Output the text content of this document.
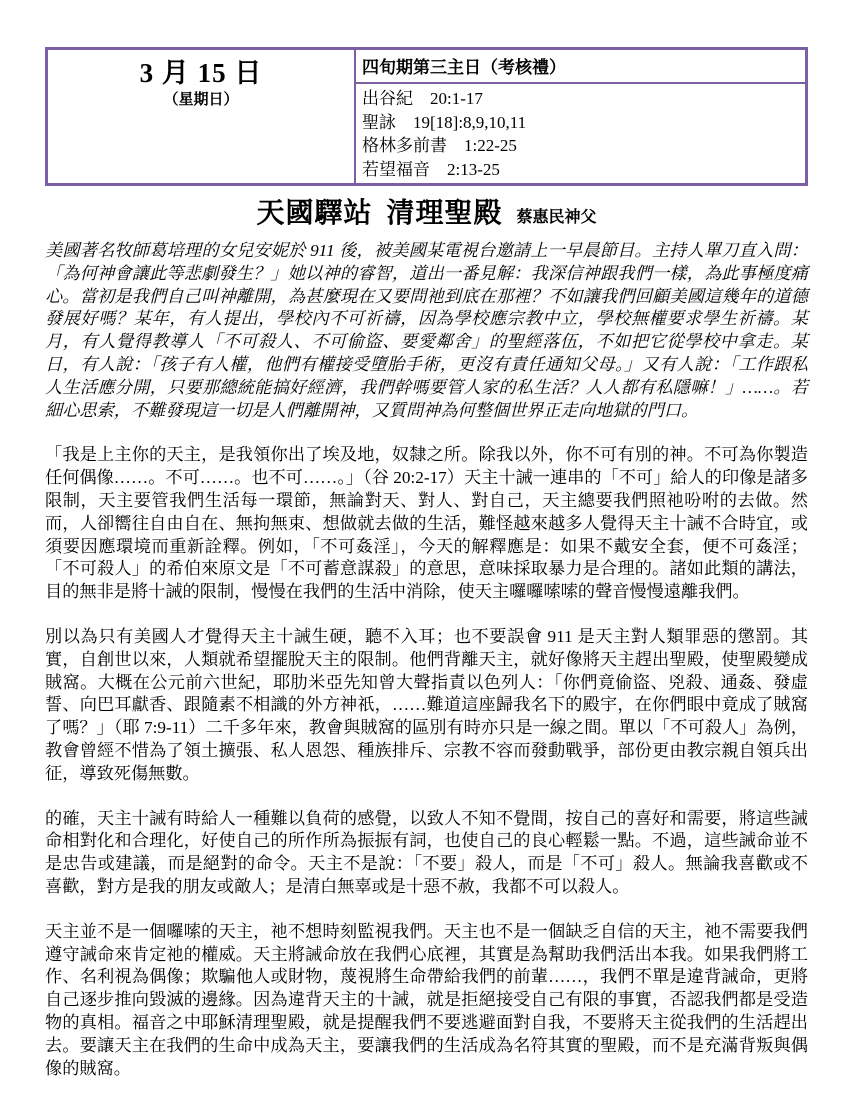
3 月 15 日
（星期日）
四旬期第三主日（考核禮）
出谷紀　20:1-17
聖詠　19[18]:8,9,10,11
格林多前書　1:22-25
若望福音　2:13-25
天國驛站 清理聖殿 蔡惠民神父

美國著名牧師葛培理的女兒安妮於 911 後，被美國某電視台邀請上一早晨節目。主持人單刀直入問：「為何神會讓此等悲劇發生？」她以神的睿智，道出一番見解：我深信神跟我們一樣，為此事極度痛心。當初是我們自己叫神離開，為甚麼現在又要問祂到底在那裡？不如讓我們回顧美國這幾年的道德發展好嗎？某年，有人提出，學校內不可祈禱，因為學校應宗教中立，學校無權要求學生祈禱。某月，有人覺得教導人「不可殺人、不可偷盜、要愛鄰舍」的聖經落伍，不如把它從學校中拿走。某日，有人說：「孩子有人權，他們有權接受墮胎手術，更沒有責任通知父母。」又有人說：「工作跟私人生活應分開，只要那總統能搞好經濟，我們幹嗎要管人家的私生活？人人都有私隱嘛！」……。若細心思索，不難發現這一切是人們離開神，又質問神為何整個世界正走向地獄的門口。

「我是上主你的天主，是我領你出了埃及地，奴隸之所。除我以外，你不可有別的神。不可為你製造任何偶像……。不可……。也不可……。」（谷 20:2-17）天主十誡一連串的「不可」給人的印像是諸多限制，天主要管我們生活每一環節，無論對天、對人、對自己，天主總要我們照祂吩咐的去做。然而，人卻嚮往自由自在、無拘無束、想做就去做的生活，難怪越來越多人覺得天主十誡不合時宜，或須要因應環境而重新詮釋。例如，「不可姦淫」，今天的解釋應是：如果不戴安全套，便不可姦淫；「不可殺人」的希伯來原文是「不可蓄意謀殺」的意思，意味採取暴力是合理的。諸如此類的講法，目的無非是將十誡的限制，慢慢在我們的生活中消除，使天主囉囉嗦嗦的聲音慢慢遠離我們。

別以為只有美國人才覺得天主十誡生硬，聽不入耳；也不要誤會 911 是天主對人類罪惡的懲罰。其實，自創世以來，人類就希望擺脫天主的限制。他們背離天主，就好像將天主趕出聖殿，使聖殿變成賊窩。大概在公元前六世紀，耶肋米亞先知曾大聲指責以色列人：「你們竟偷盜、兇殺、通姦、發虛誓、向巴耳獻香、跟隨素不相識的外方神祇，……難道這座歸我名下的殿宇，在你們眼中竟成了賊窩了嗎？」（耶 7:9-11）二千多年來，教會與賊窩的區別有時亦只是一線之間。單以「不可殺人」為例，教會曾經不惜為了領土擴張、私人恩怨、種族排斥、宗教不容而發動戰爭，部份更由教宗親自領兵出征，導致死傷無數。

的確，天主十誡有時給人一種難以負荷的感覺，以致人不知不覺間，按自己的喜好和需要，將這些誡命相對化和合理化，好使自己的所作所為振振有詞，也使自己的良心輕鬆一點。不過，這些誡命並不是忠告或建議，而是絕對的命令。天主不是說：「不要」殺人，而是「不可」殺人。無論我喜歡或不喜歡，對方是我的朋友或敵人；是清白無辜或是十惡不赦，我都不可以殺人。

天主並不是一個囉嗦的天主，祂不想時刻監視我們。天主也不是一個缺乏自信的天主，祂不需要我們遵守誡命來肯定祂的權威。天主將誡命放在我們心底裡，其實是為幫助我們活出本我。如果我們將工作、名利視為偶像；欺騙他人或財物，蔑視將生命帶給我們的前輩……，我們不單是違背誡命，更將自己逐步推向毀滅的邊緣。因為違背天主的十誡，就是拒絕接受自己有限的事實，否認我們都是受造物的真相。福音之中耶穌清理聖殿，就是提醒我們不要逃避面對自我，不要將天主從我們的生活趕出去。要讓天主在我們的生命中成為天主，要讓我們的生活成為名符其實的聖殿，而不是充滿背叛與偶像的賊窩。
